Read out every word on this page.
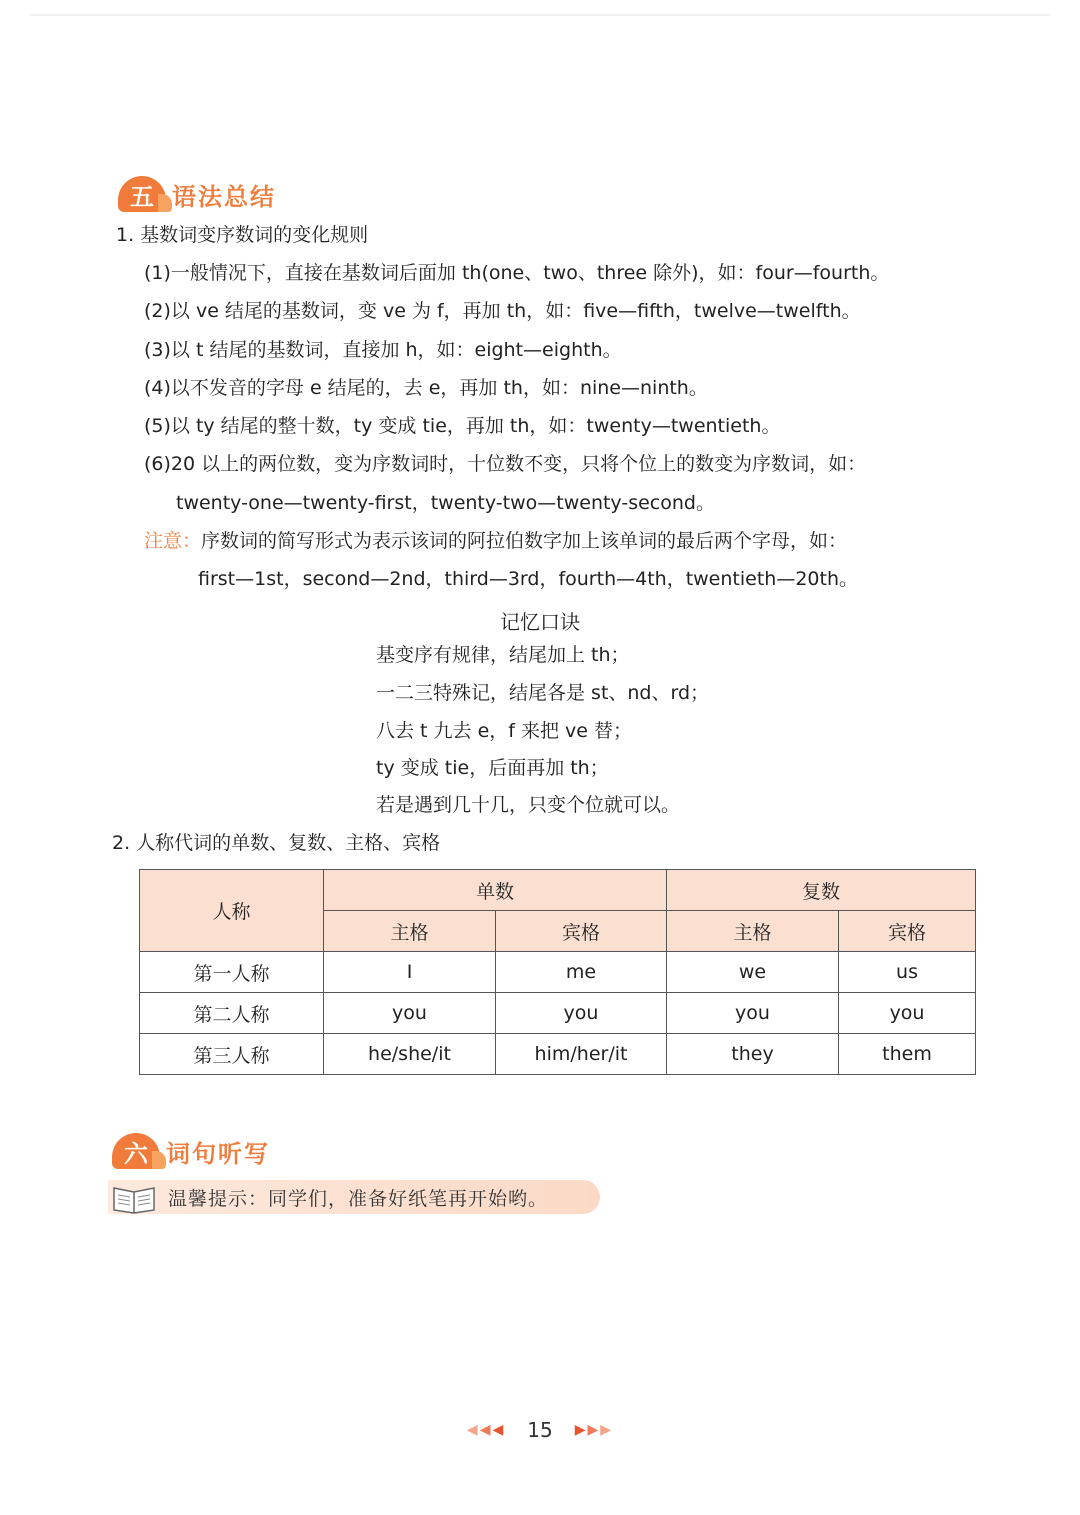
五 语法总结
1. 基数词变序数词的变化规则
(1)一般情况下，直接在基数词后面加 th(one、two、three 除外)，如：four—fourth。
(2)以 ve 结尾的基数词，变 ve 为 f，再加 th，如：five—fifth，twelve—twelfth。
(3)以 t 结尾的基数词，直接加 h，如：eight—eighth。
(4)以不发音的字母 e 结尾的，去 e，再加 th，如：nine—ninth。
(5)以 ty 结尾的整十数，ty 变成 tie，再加 th，如：twenty—twentieth。
(6)20 以上的两位数，变为序数词时，十位数不变，只将个位上的数变为序数词，如：
twenty-one—twenty-first，twenty-two—twenty-second。
注意：序数词的简写形式为表示该词的阿拉伯数字加上该单词的最后两个字母，如：
first—1st，second—2nd，third—3rd，fourth—4th，twentieth—20th。
记忆口诀
基变序有规律，结尾加上 th；
一二三特殊记，结尾各是 st、nd、rd；
八去 t 九去 e，f 来把 ve 替；
ty 变成 tie，后面再加 th；
若是遇到几十几，只变个位就可以。
2. 人称代词的单数、复数、主格、宾格
人称	单数		复数	
	主格	宾格	主格	宾格
第一人称	I	me	we	us
第二人称	you	you	you	you
第三人称	he/she/it	him/her/it	they	them
六 词句听写
温馨提示：同学们，准备好纸笔再开始哟。
◀◀◀ 15 ▶▶▶
